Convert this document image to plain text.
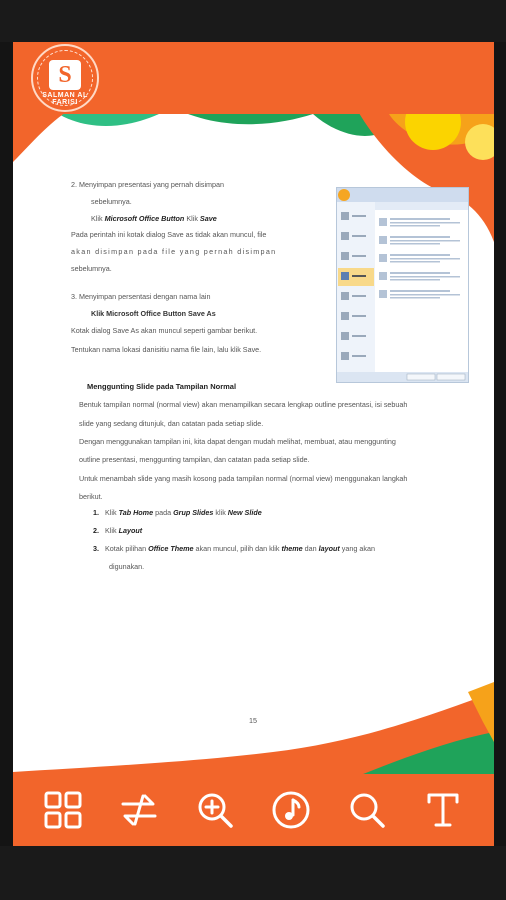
S
SALMAN AL FARISI
2. Menyimpan presentasi yang pernah disimpan
sebelumnya.
Klik Microsoft Office Button Klik Save
Pada perintah ini kotak dialog Save as tidak akan muncul, file
akan disimpan pada file yang pernah disimpan
sebelumnya.
3. Menyimpan persentasi dengan nama lain
Klik Microsoft Office Button Save As
Kotak dialog Save As akan muncul seperti gambar berikut.
Tentukan nama lokasi danisitiu nama file lain, lalu klik Save.
Menggunting Slide pada Tampilan Normal
Bentuk tampilan normal (normal view) akan menampilkan secara lengkap outline presentasi, isi sebuah
slide yang sedang ditunjuk, dan catatan pada setiap slide.
Dengan menggunakan tampilan ini, kita dapat dengan mudah melihat, membuat, atau menggunting
outline presentasi, menggunting tampilan, dan catatan pada setiap slide.
Untuk menambah slide yang masih kosong pada tampilan normal (normal view) menggunakan langkah
berikut.
1. Klik Tab Home pada Grup Slides klik New Slide
2. Klik Layout
3. Kotak pilihan Office Theme akan muncul, pilih dan klik theme dan layout yang akan
digunakan.
15
